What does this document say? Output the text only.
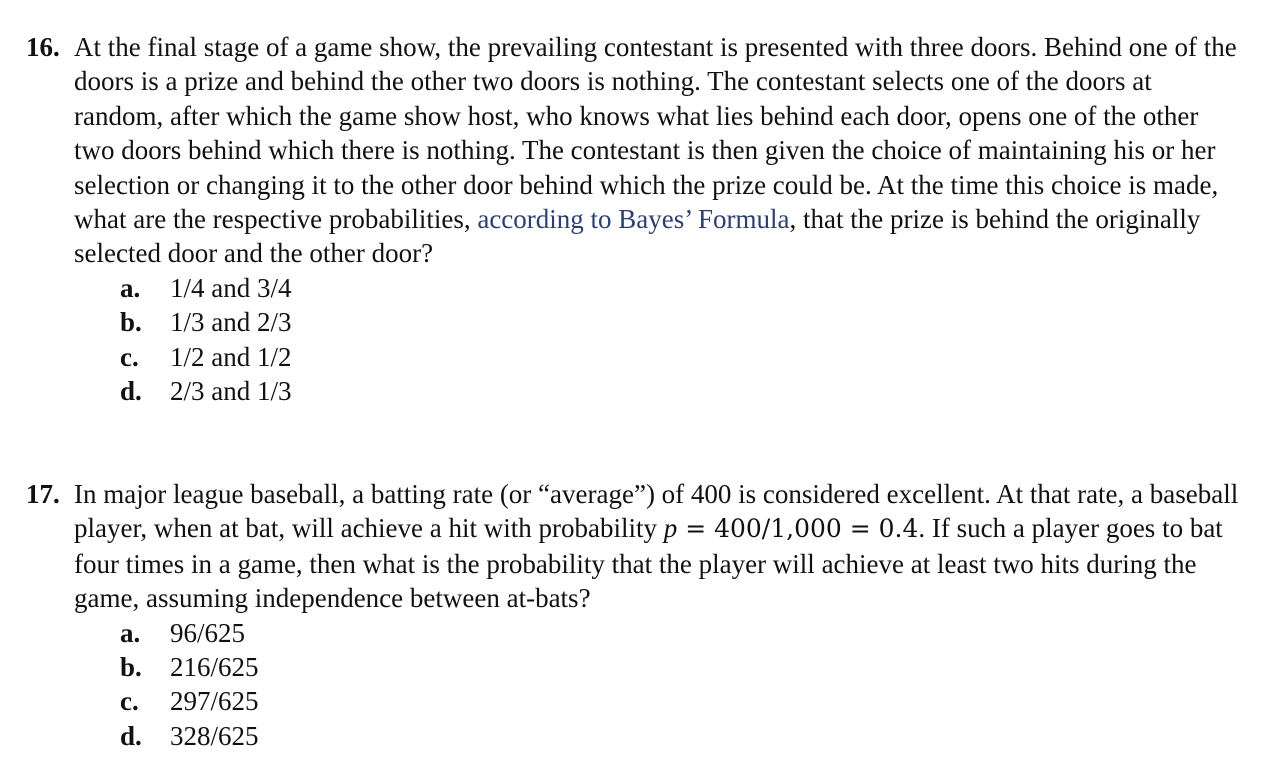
16. At the final stage of a game show, the prevailing contestant is presented with three doors. Behind one of the doors is a prize and behind the other two doors is nothing. The contestant selects one of the doors at random, after which the game show host, who knows what lies behind each door, opens one of the other two doors behind which there is nothing. The contestant is then given the choice of maintaining his or her selection or changing it to the other door behind which the prize could be. At the time this choice is made, what are the respective probabilities, according to Bayes’ Formula, that the prize is behind the originally selected door and the other door?
a. 1/4 and 3/4
b. 1/3 and 2/3
c. 1/2 and 1/2
d. 2/3 and 1/3
17. In major league baseball, a batting rate (or “average”) of 400 is considered excellent. At that rate, a baseball player, when at bat, will achieve a hit with probability p = 400/1,000 = 0.4. If such a player goes to bat four times in a game, then what is the probability that the player will achieve at least two hits during the game, assuming independence between at-bats?
a. 96/625
b. 216/625
c. 297/625
d. 328/625
